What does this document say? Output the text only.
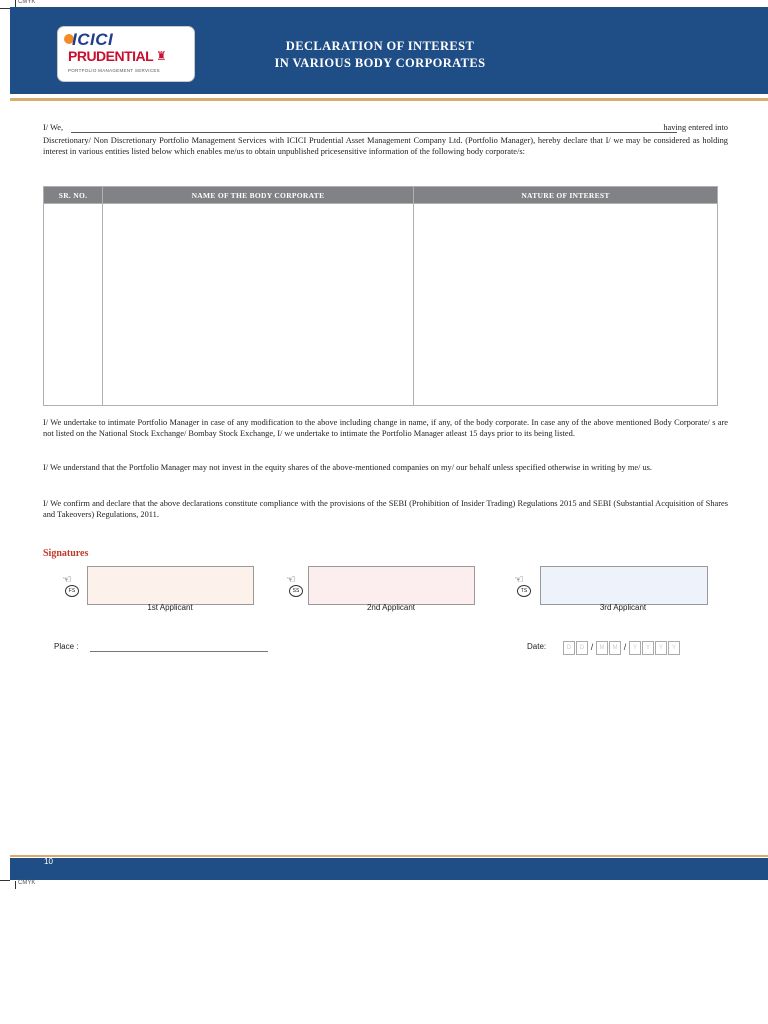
CMYK
ICICI
PRUDENTIAL ♜
PORTFOLIO MANAGEMENT SERVICES
DECLARATION OF INTEREST
IN VARIOUS BODY CORPORATES
I/ We,	having entered into
Discretionary/ Non Discretionary Portfolio Management Services with ICICI Prudential Asset Management Company Ltd. (Portfolio Manager), hereby declare that I/ we may be considered as holding interest in various entities listed below which enables me/us to obtain unpublished pricesensitive information of the following body corporate/s:
SR. NO.	NAME OF THE BODY CORPORATE	NATURE OF INTEREST

I/ We undertake to intimate Portfolio Manager in case of any modification to the above including change in name, if any, of the body corporate. In case any of the above mentioned Body Corporate/ s are not listed on the National Stock Exchange/ Bombay Stock Exchange, I/ we undertake to intimate the Portfolio Manager atleast 15 days prior to its being listed.
I/ We understand that the Portfolio Manager may not invest in the equity shares of the above-mentioned companies on my/ our behalf unless specified otherwise in writing by me/ us.
I/ We confirm and declare that the above declarations constitute compliance with the provisions of the SEBI (Prohibition of Insider Trading) Regulations 2015 and SEBI (Substantial Acquisition of Shares and Takeovers) Regulations, 2011.
Signatures
☜
FS
1st Applicant
☜
SS
2nd Applicant
☜
TS
3rd Applicant
Place :	Date:	D	D /	M	M /	Y	Y	Y	Y
10
CMYK
